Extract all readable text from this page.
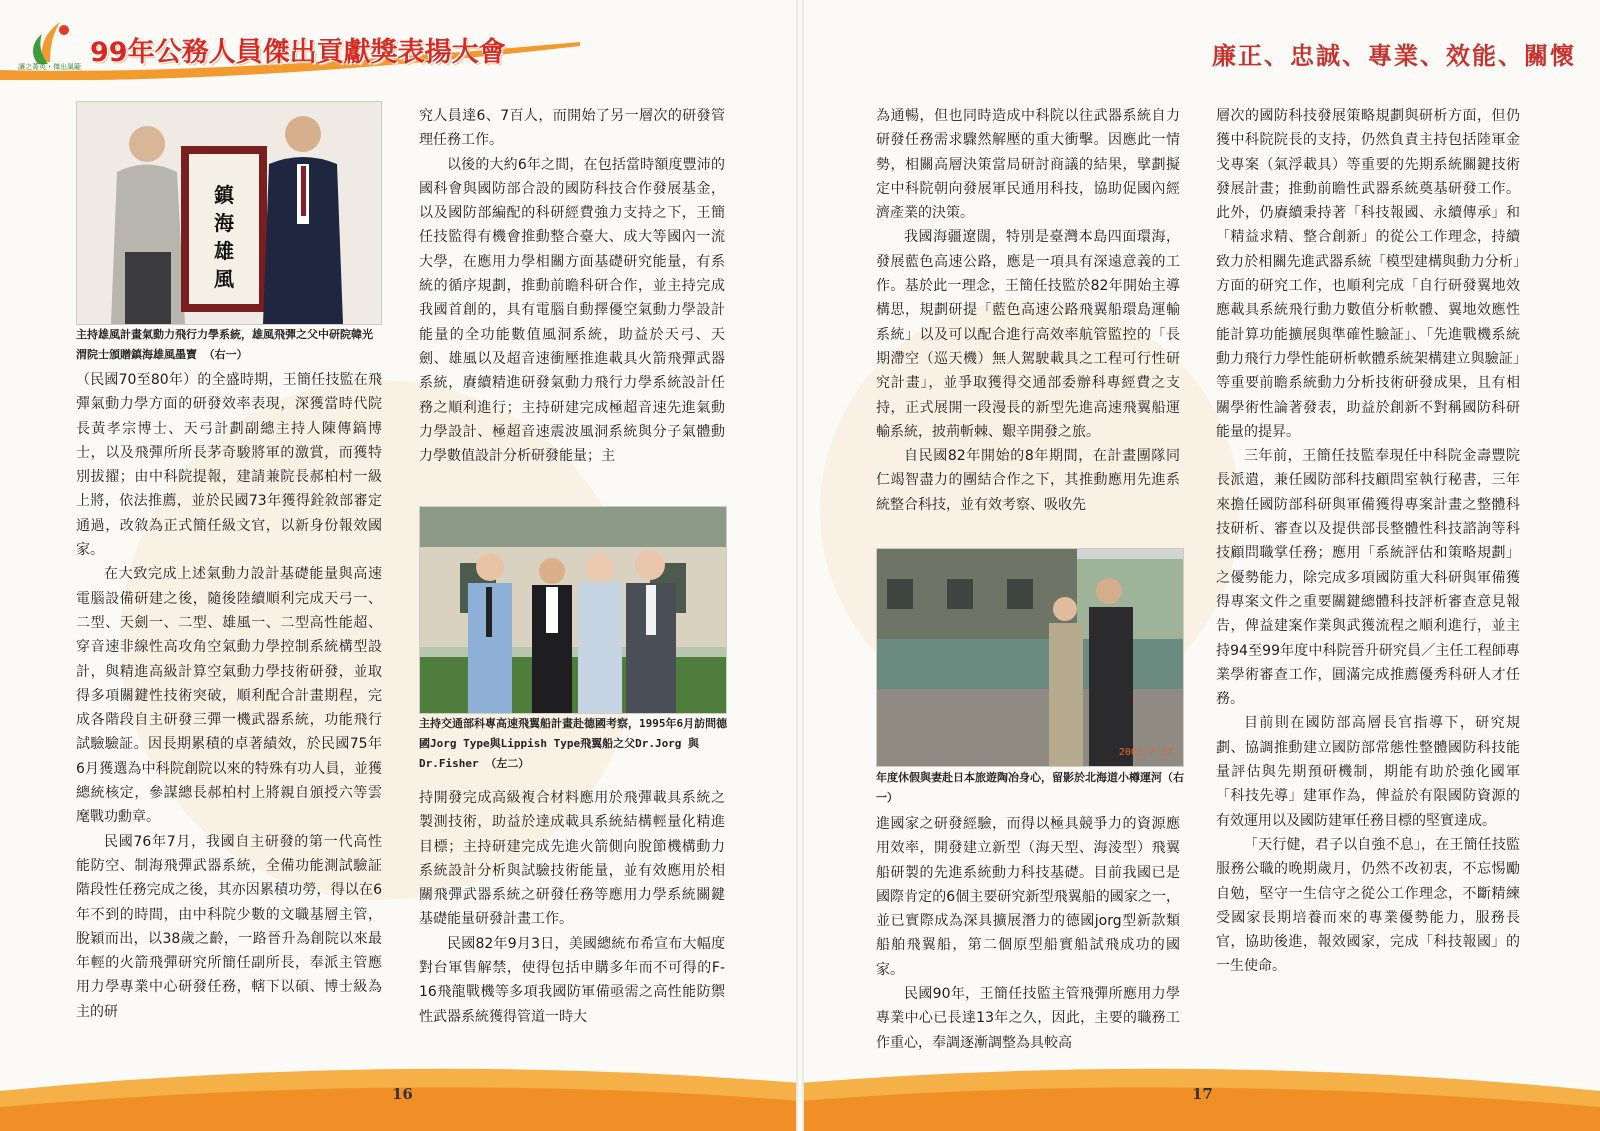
讓之菁英・傑出風範 99年公務人員傑出貢獻獎表揚大會
鎮
海
雄
風
主持雄風計畫氣動力飛行力學系統，雄風飛彈之父中研院韓光渭院士頒贈鎮海雄風墨寶 （右一）

（民國70至80年）的全盛時期，王簡任技監在飛彈氣動力學方面的研發效率表現，深獲當時代院長黃孝宗博士、天弓計劃副總主持人陳傳鎬博士，以及飛彈所所長茅奇駿將軍的激賞，而獲特別拔擢；由中科院提報，建請兼院長郝柏村一級上將，依法推薦，並於民國73年獲得銓敘部審定通過，改敘為正式簡任級文官，以新身份報效國家。

在大致完成上述氣動力設計基礎能量與高速電腦設備研建之後，隨後陸續順利完成天弓一、二型、天劍一、二型、雄風一、二型高性能超、穿音速非線性高攻角空氣動力學控制系統構型設計，與精進高級計算空氣動力學技術研發，並取得多項關鍵性技術突破，順利配合計畫期程，完成各階段自主研發三彈一機武器系統，功能飛行試驗驗証。因長期累積的卓著績效，於民國75年6月獲選為中科院創院以來的特殊有功人員，並獲總統核定，參謀總長郝柏村上將親自頒授六等雲麾戰功勳章。

民國76年7月，我國自主研發的第一代高性能防空、制海飛彈武器系統，全備功能測試驗証階段性任務完成之後，其亦因累積功勞，得以在6年不到的時間，由中科院少數的文職基層主管，脫穎而出，以38歲之齡，一路晉升為創院以來最年輕的火箭飛彈研究所簡任副所長，奉派主管應用力學專業中心研發任務，轄下以碩、博士級為主的研

究人員達6、7百人，而開始了另一層次的研發管理任務工作。

以後的大約6年之間，在包括當時額度豐沛的國科會與國防部合設的國防科技合作發展基金，以及國防部編配的科研經費強力支持之下，王簡任技監得有機會推動整合臺大、成大等國內一流大學，在應用力學相關方面基礎研究能量，有系統的循序規劃，推動前瞻科研合作，並主持完成我國首創的，具有電腦自動擇優空氣動力學設計能量的全功能數值風洞系統，助益於天弓、天劍、雄風以及超音速衝壓推進載具火箭飛彈武器系統，賡續精進研發氣動力飛行力學系統設計任務之順利進行；主持研建完成極超音速先進氣動力學設計、極超音速震波風洞系統與分子氣體動力學數值設計分析研發能量；主

主持交通部科專高速飛翼船計畫赴德國考察，1995年6月訪問德國Jorg Type與Lippish Type飛翼船之父Dr.Jorg 與Dr.Fisher （左二）

持開發完成高級複合材料應用於飛彈載具系統之製測技術，助益於達成載具系統結構輕量化精進目標；主持研建完成先進火箭側向脫節機構動力系統設計分析與試驗技術能量，並有效應用於相關飛彈武器系統之研發任務等應用力學系統關鍵基礎能量研發計畫工作。

民國82年9月3日，美國總統布希宣布大幅度對台軍售解禁，使得包括申購多年而不可得的F-16飛龍戰機等多項我國防軍備亟需之高性能防禦性武器系統獲得管道一時大

16
廉正、忠誠、專業、效能、關懷

為通暢，但也同時造成中科院以往武器系統自力研發任務需求驟然解壓的重大衝擊。因應此一情勢，相關高層決策當局研討商議的結果，擘劃擬定中科院朝向發展軍民通用科技，協助促國內經濟產業的決策。

我國海疆遼闊，特別是臺灣本島四面環海，發展藍色高速公路，應是一項具有深遠意義的工作。基於此一理念，王簡任技監於82年開始主導構思，規劃研提「藍色高速公路飛翼船環島運輸系統」以及可以配合進行高效率航管監控的「長期滯空（巡天機）無人駕駛載具之工程可行性研究計畫」，並爭取獲得交通部委辦科專經費之支持，正式展開一段漫長的新型先進高速飛翼船運輸系統，披荊斬棘、艱辛開發之旅。

自民國82年開始的8年期間，在計畫團隊同仁竭智盡力的團結合作之下，其推動應用先進系統整合科技，並有效考察、吸收先

2001 7 17
年度休假與妻赴日本旅遊陶冶身心，留影於北海道小樽運河（右一）

進國家之研發經驗，而得以極具競爭力的資源應用效率，開發建立新型（海天型、海淩型）飛翼船研製的先進系統動力科技基礎。目前我國已是國際肯定的6個主要研究新型飛翼船的國家之一，並已實際成為深具擴展潛力的德國jorg型新款類船舶飛翼船，第二個原型船實船試飛成功的國家。

民國90年，王簡任技監主管飛彈所應用力學專業中心已長達13年之久，因此，主要的職務工作重心，奉調逐漸調整為具較高

層次的國防科技發展策略規劃與研析方面，但仍獲中科院院長的支持，仍然負責主持包括陸軍金戈專案（氣浮載具）等重要的先期系統關鍵技術發展計畫；推動前瞻性武器系統奠基研發工作。此外，仍賡續秉持著「科技報國、永續傳承」和「精益求精、整合創新」的從公工作理念，持續致力於相關先進武器系統「模型建構與動力分析」方面的研究工作，也順利完成「自行研發翼地效應載具系統飛行動力數值分析軟體、翼地效應性能計算功能擴展與準確性驗証」、「先進戰機系統動力飛行力學性能研析軟體系統架構建立與驗証」等重要前瞻系統動力分析技術研發成果，且有相關學術性論著發表，助益於創新不對稱國防科研能量的提昇。

三年前，王簡任技監奉現任中科院金壽豐院長派遣，兼任國防部科技顧問室執行秘書，三年來擔任國防部科研與軍備獲得專案計畫之整體科技研析、審查以及提供部長整體性科技諮詢等科技顧問職掌任務；應用「系統評估和策略規劃」之優勢能力，除完成多項國防重大科研與軍備獲得專案文件之重要關鍵總體科技評析審查意見報告，俾益建案作業與武獲流程之順利進行，並主持94至99年度中科院晉升研究員／主任工程師專業學術審查工作，圓滿完成推薦優秀科研人才任務。

目前則在國防部高層長官指導下，研究規劃、協調推動建立國防部常態性整體國防科技能量評估與先期預研機制，期能有助於強化國軍「科技先導」建軍作為，俾益於有限國防資源的有效運用以及國防建軍任務目標的堅實達成。

「天行健，君子以自強不息」，在王簡任技監服務公職的晚期歲月，仍然不改初衷，不忘惕勵自勉，堅守一生信守之從公工作理念，不斷精練受國家長期培養而來的專業優勢能力，服務長官，協助後進，報效國家，完成「科技報國」的一生使命。

17
